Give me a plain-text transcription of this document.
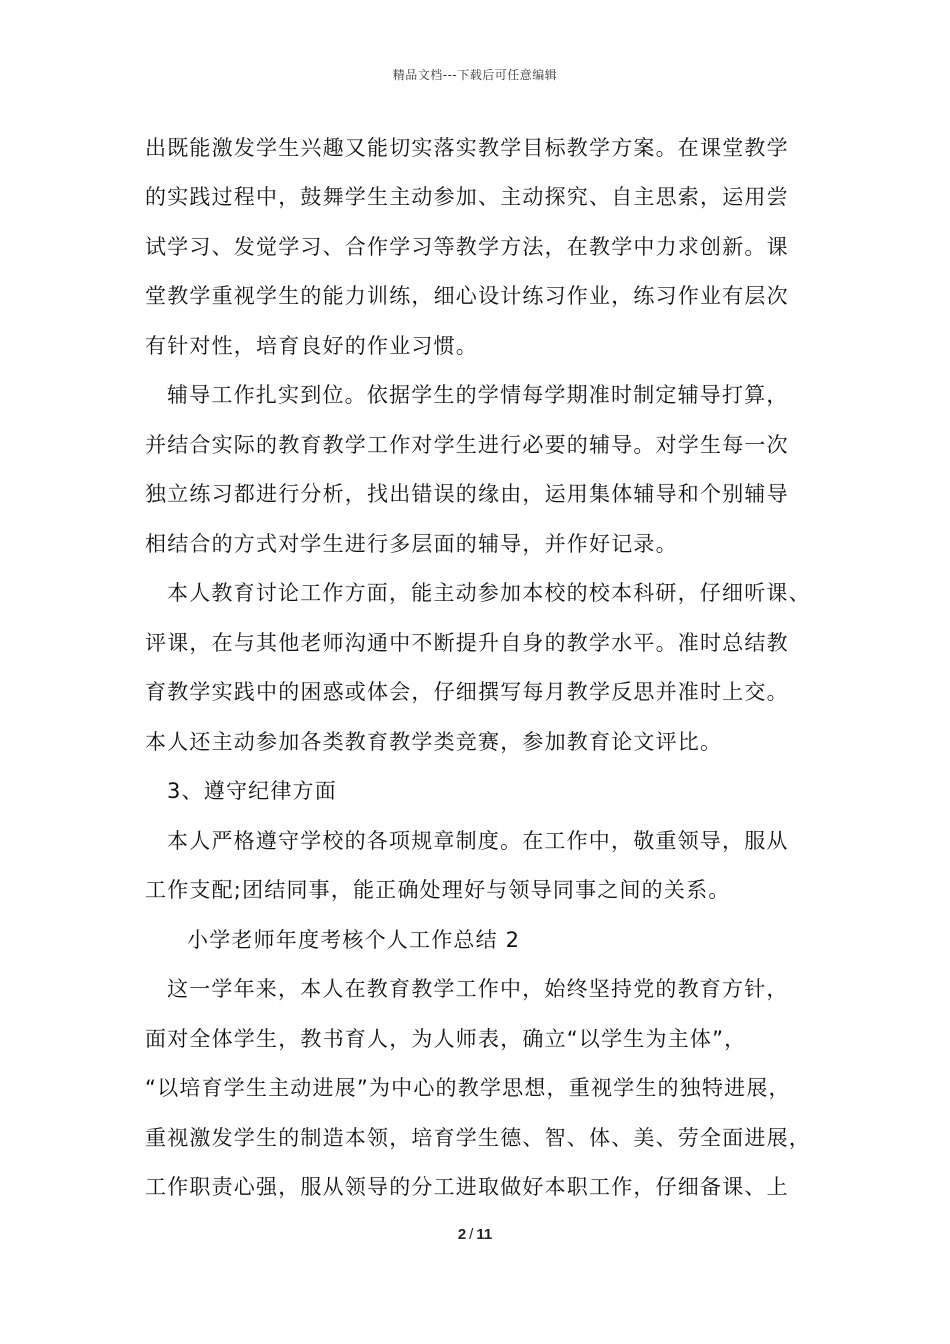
精品文档---下载后可任意编辑
出既能激发学生兴趣又能切实落实教学目标教学方案。在课堂教学
的实践过程中，鼓舞学生主动参加、主动探究、自主思索，运用尝
试学习、发觉学习、合作学习等教学方法，在教学中力求创新。课
堂教学重视学生的能力训练，细心设计练习作业，练习作业有层次
有针对性，培育良好的作业习惯。
辅导工作扎实到位。依据学生的学情每学期准时制定辅导打算，
并结合实际的教育教学工作对学生进行必要的辅导。对学生每一次
独立练习都进行分析，找出错误的缘由，运用集体辅导和个别辅导
相结合的方式对学生进行多层面的辅导，并作好记录。
本人教育讨论工作方面，能主动参加本校的校本科研，仔细听课、
评课，在与其他老师沟通中不断提升自身的教学水平。准时总结教
育教学实践中的困惑或体会，仔细撰写每月教学反思并准时上交。
本人还主动参加各类教育教学类竞赛，参加教育论文评比。
3、遵守纪律方面
本人严格遵守学校的各项规章制度。在工作中，敬重领导，服从
工作支配;团结同事，能正确处理好与领导同事之间的关系。
小学老师年度考核个人工作总结 2
这一学年来，本人在教育教学工作中，始终坚持党的教育方针，
面对全体学生，教书育人，为人师表，确立“以学生为主体”，
“以培育学生主动进展”为中心的教学思想，重视学生的独特进展，
重视激发学生的制造本领，培育学生德、智、体、美、劳全面进展，
工作职责心强，服从领导的分工进取做好本职工作，仔细备课、上
2 / 11
